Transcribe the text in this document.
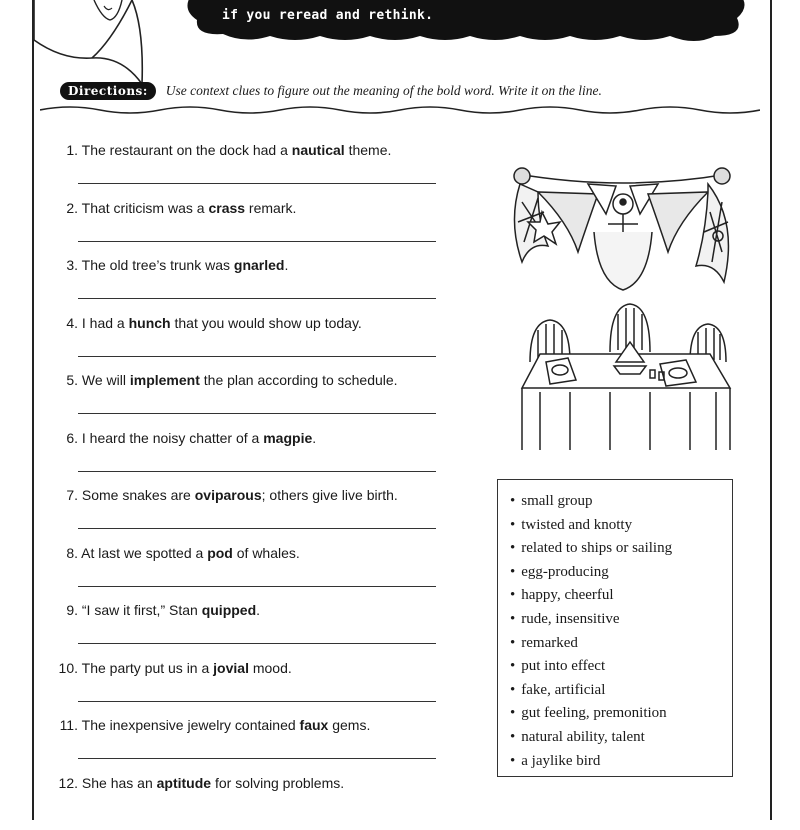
if you reread and rethink.
Directions:	Use context clues to figure out the meaning of the bold word. Write it on the line.
1. The restaurant on the dock had a nautical theme.
2. That criticism was a crass remark.
3. The old tree’s trunk was gnarled.
4. I had a hunch that you would show up today.
5. We will implement the plan according to schedule.
6. I heard the noisy chatter of a magpie.
7. Some snakes are oviparous; others give live birth.
8. At last we spotted a pod of whales.
9. “I saw it first,” Stan quipped.
10. The party put us in a jovial mood.
11. The inexpensive jewelry contained faux gems.
12. She has an aptitude for solving problems.
• small group
• twisted and knotty
• related to ships or sailing
• egg-producing
• happy, cheerful
• rude, insensitive
• remarked
• put into effect
• fake, artificial
• gut feeling, premonition
• natural ability, talent
• a jaylike bird
